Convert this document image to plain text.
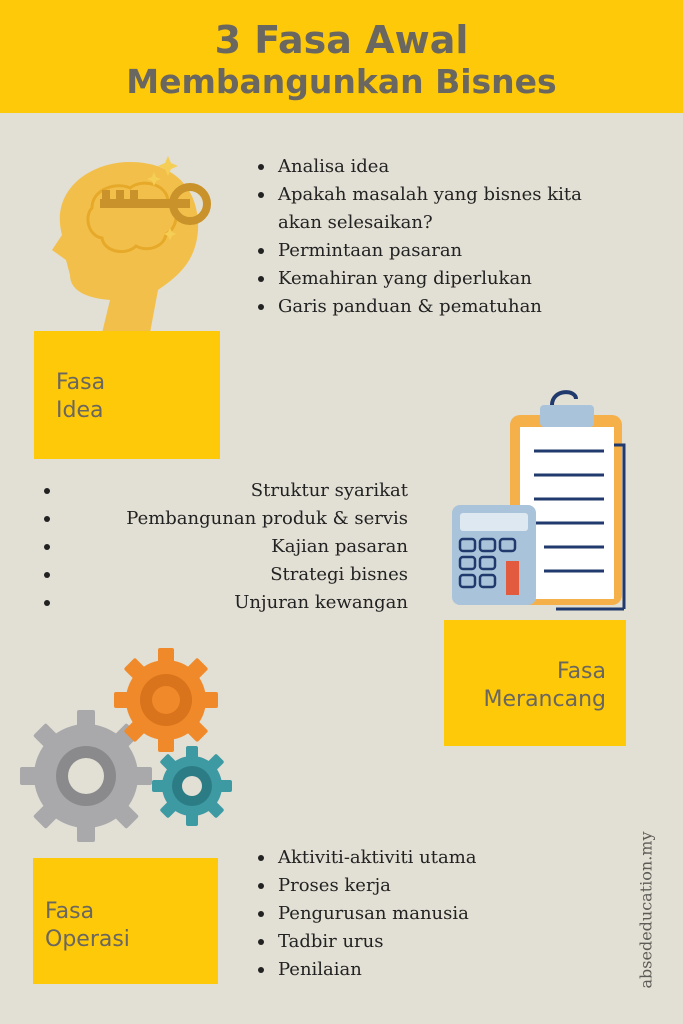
3 Fasa Awal
Membangunkan Bisnes
Analisa idea
Apakah masalah yang bisnes kita
akan selesaikan?
Permintaan pasaran
Kemahiran yang diperlukan
Garis panduan & pematuhan
Fasa
Idea
Struktur syarikat
Pembangunan produk & servis
Kajian pasaran
Strategi bisnes
Unjuran kewangan
Fasa
Merancang
Fasa
Operasi
Aktiviti-aktiviti utama
Proses kerja
Pengurusan manusia
Tadbir urus
Penilaian	absededucation.my
